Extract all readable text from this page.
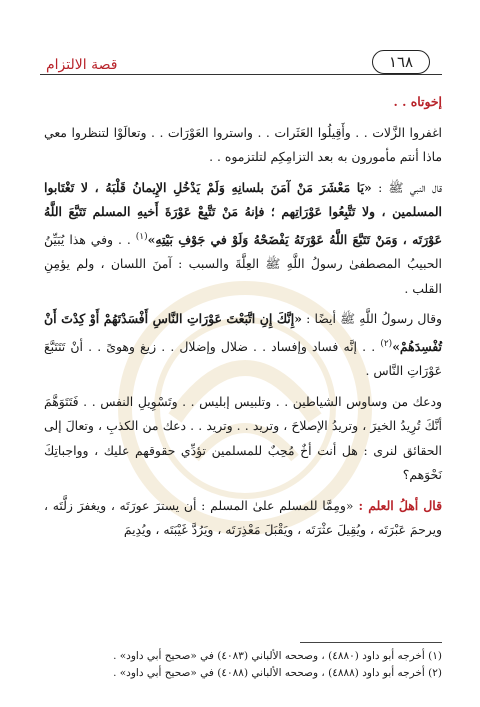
قصة الالتزام	١٦٨

إخوتاه . .

اغفروا الزَّلات . . وأَقِيلُوا العَثَرات . . واستروا العَوْرَات . . وتعالَوْا لتنظروا معي ماذا أنتم مأمورون به بعد التزامِكِم لتلتزموه . .

قال النبي ﷺ : «يَا مَعْشَرَ مَنْ آمَنَ بلسانِهِ وَلَمْ يَدْخُلِ الإِيمانُ قَلْبَهُ ، لا تَغْتَابوا المسلمين ، ولا تَتَّبِعُوا عَوْرَاتِهم ؛ فإنهُ مَنْ تَتَّبِعْ عَوْرَةَ أَخيهِ المسلم تَتَبَّعَ اللَّهُ عَوْرَتَه ، وَمَنْ تَتَبَّعَ اللَّهُ عَوْرَتَهُ يَفْضَحْهُ وَلَوْ في جَوْفِ بَيْتِهِ»$^{(١)}$ . . وفي هذا يُبَيِّنُ الحبيبُ المصطفىٰ رسولُ اللَّهِ ﷺ العِلَّةَ والسبب : آمنَ اللسان ، ولم يؤمِنِ القلب .

وقال رسولُ اللَّهِ ﷺ أيضًا : «إِنَّكَ إِنِ اتَّبَعْتَ عَوْرَاتِ النَّاسِ أَفْسَدْتَهُمْ أَوْ كِدْتَ أَنْ تُفْسِدَهُمْ»$^{(٢)}$ . . إنَّه فساد وإفساد . . ضلال وإضلال . . زيغ وهوىً . . أنْ تَتَتَبَّعَ عَوْرَاتِ النَّاس .

ودعك من وساوس الشياطين . . وتلبيس إبليس . . وتَسْوِيلِ النفس . . فَتَتَوَهَّمَ أنَّكَ تُرِيدُ الخيرَ ، وتريدُ الإصلاحَ ، وتريد . . وتريد . . دعك من الكذبِ ، وتعالَ إلى الحقائق لنرى : هل أنت أخٌ مُحِبٌ للمسلمين تؤدِّي حقوقهم عليك ، وواجباتِكَ نَحْوَهم؟

قال أهلُ العلم : «ومِمَّا للمسلم علىٰ المسلم : أن يسترَ عورَتَه ، ويغفرَ زلَّتَه ، ويرحمَ عَبْرَتَه ، ويُقِيلَ عثْرَتَه ، ويَقْبَلَ مَعْذِرَتَه ، ويَرُدَّ غَيْبَتَه ، ويُدِيمَ

(١) أخرجه أبو داود (٤٨٨٠) ، وصححه الألباني (٤٠٨٣) في «صحيح أبي داود» .
(٢) أخرجه أبو داود (٤٨٨٨) ، وصححه الألباني (٤٠٨٨) في «صحيح أبي داود» .
